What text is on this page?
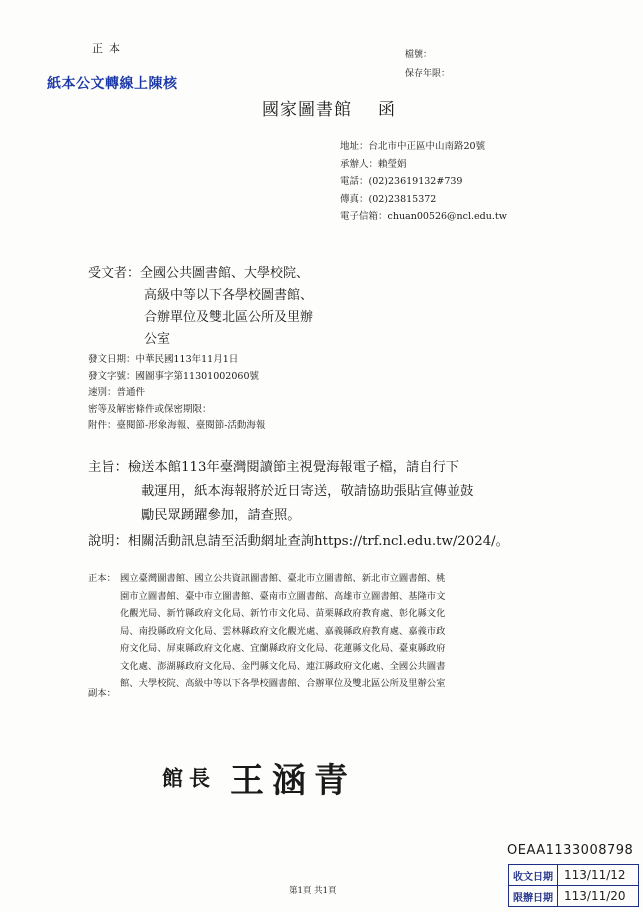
正本	檔號：
保存年限：
紙本公文轉線上陳核
國家圖書館 函
地址：台北市中正區中山南路20號
承辦人：賴瑩娟
電話：(02)23619132#739
傳真：(02)23815372
電子信箱：chuan00526@ncl.edu.tw
受文者：全國公共圖書館、大學校院、
高級中等以下各學校圖書館、
合辦單位及雙北區公所及里辦
公室
發文日期：中華民國113年11月1日
發文字號：國圖事字第11301002060號
速別：普通件
密等及解密條件或保密期限：
附件：臺閱節-形象海報、臺閱節-活動海報
主旨：檢送本館113年臺灣閱讀節主視覺海報電子檔，請自行下
載運用，紙本海報將於近日寄送，敬請協助張貼宣傳並鼓
勵民眾踴躍參加，請查照。
說明：相關活動訊息請至活動網址查詢https://trf.ncl.edu.tw/2024/。
正本： 國立臺灣圖書館、國立公共資訊圖書館、臺北市立圖書館、新北市立圖書館、桃
園市立圖書館、臺中市立圖書館、臺南市立圖書館、高雄市立圖書館、基隆市文
化觀光局、新竹縣政府文化局、新竹市文化局、苗栗縣政府教育處、彰化縣文化
局、南投縣政府文化局、雲林縣政府文化觀光處、嘉義縣政府教育處、嘉義市政
府文化局、屏東縣政府文化處、宜蘭縣政府文化局、花蓮縣文化局、臺東縣政府
文化處、澎湖縣政府文化局、金門縣文化局、連江縣政府文化處、全國公共圖書
館、大學校院、高級中等以下各學校圖書館、合辦單位及雙北區公所及里辦公室
副本：
館長 王涵青
OEAA1133008798
收文日期 113/11/12
限辦日期 113/11/20
第1頁 共1頁
